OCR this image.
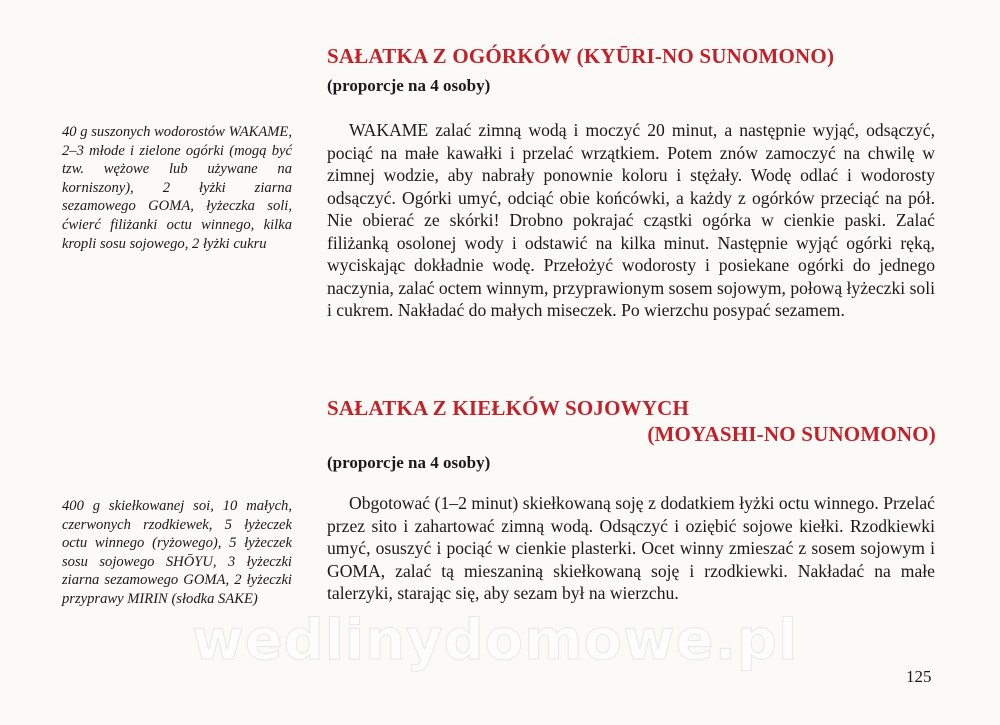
SAŁATKA Z OGÓRKÓW (KYŪRI-NO SUNOMONO)
(proporcje na 4 osoby)
40 g suszonych wodorostów WAKAME, 2–3 młode i zielone ogórki (mogą być tzw. wężowe lub używane na korniszony), 2 łyżki ziarna sezamowego GOMA, łyżeczka soli, ćwierć filiżanki octu winnego, kilka kropli sosu sojowego, 2 łyżki cukru

WAKAME zalać zimną wodą i moczyć 20 minut, a następnie wyjąć, odsączyć, pociąć na małe kawałki i przelać wrzątkiem. Potem znów zamoczyć na chwilę w zimnej wodzie, aby nabrały ponownie koloru i stężały. Wodę odlać i wodorosty odsączyć. Ogórki umyć, odciąć obie końcówki, a każdy z ogórków przeciąć na pół. Nie obierać ze skórki! Drobno pokrajać cząstki ogórka w cienkie paski. Zalać filiżanką osolonej wody i odstawić na kilka minut. Następnie wyjąć ogórki ręką, wyciskając dokładnie wodę. Przełożyć wodorosty i posiekane ogórki do jednego naczynia, zalać octem winnym, przyprawionym sosem sojowym, połową łyżeczki soli i cukrem. Nakładać do małych miseczek. Po wierzchu posypać sezamem.

SAŁATKA Z KIEŁKÓW SOJOWYCH
(MOYASHI-NO SUNOMONO)
(proporcje na 4 osoby)
400 g skiełkowanej soi, 10 małych, czerwonych rzodkiewek, 5 łyżeczek octu winnego (ryżowego), 5 łyżeczek sosu sojowego SHŌYU, 3 łyżeczki ziarna sezamowego GOMA, 2 łyżeczki przyprawy MIRIN (słodka SAKE)

Obgotować (1–2 minut) skiełkowaną soję z dodatkiem łyżki octu winnego. Przelać przez sito i zahartować zimną wodą. Odsączyć i oziębić sojowe kiełki. Rzodkiewki umyć, osuszyć i pociąć w cienkie plasterki. Ocet winny zmieszać z sosem sojowym i GOMA, zalać tą mieszaniną skiełkowaną soję i rzodkiewki. Nakładać na małe talerzyki, starając się, aby sezam był na wierzchu.

125
wedlinydomowe.pl
